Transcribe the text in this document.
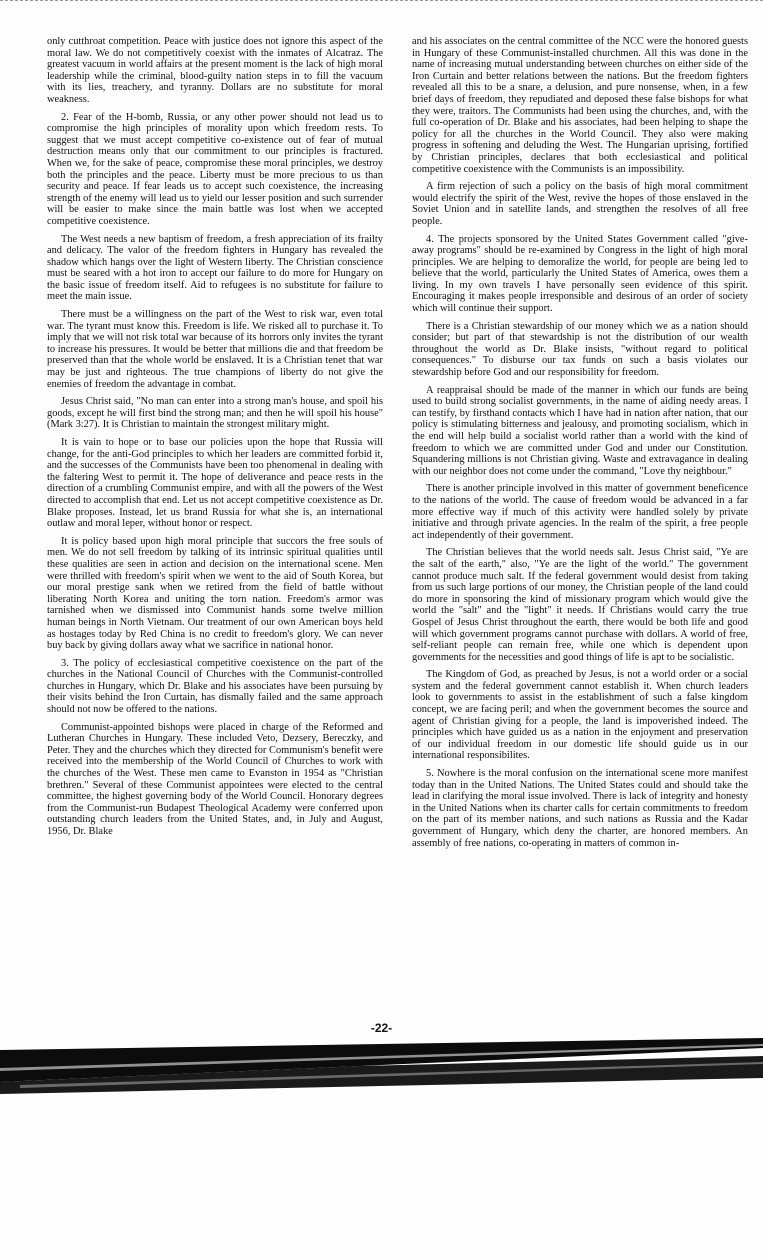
only cutthroat competition. Peace with justice does not ignore this aspect of the moral law. We do not competitively coexist with the inmates of Alcatraz. The greatest vacuum in world affairs at the present moment is the lack of high moral leadership while the criminal, blood-guilty nation steps in to fill the vacuum with its lies, treachery, and tyranny. Dollars are no substitute for moral weakness.

2. Fear of the H-bomb, Russia, or any other power should not lead us to compromise the high principles of morality upon which freedom rests. To suggest that we must accept competitive co-existence out of fear of mutual destruction means only that our commitment to our principles is fractured. When we, for the sake of peace, compromise these moral principles, we destroy both the principles and the peace. Liberty must be more precious to us than security and peace. If fear leads us to accept such coexistence, the increasing strength of the enemy will lead us to yield our lesser position and such surrender will be easier to make since the main battle was lost when we accepted competitive coexistence.

The West needs a new baptism of freedom, a fresh appreciation of its frailty and delicacy. The valor of the freedom fighters in Hungary has revealed the shadow which hangs over the light of Western liberty. The Christian conscience must be seared with a hot iron to accept our failure to do more for Hungary on the basic issue of freedom itself. Aid to refugees is no substitute for failure to meet the main issue.

There must be a willingness on the part of the West to risk war, even total war. The tyrant must know this. Freedom is life. We risked all to purchase it. To imply that we will not risk total war because of its horrors only invites the tyrant to increase his pressures. It would be better that millions die and that freedom be preserved than that the whole world be enslaved. It is a Christian tenet that war may be just and righteous. The true champions of liberty do not give the enemies of freedom the advantage in combat.

Jesus Christ said, "No man can enter into a strong man's house, and spoil his goods, except he will first bind the strong man; and then he will spoil his house" (Mark 3:27). It is Christian to maintain the strongest military might.

It is vain to hope or to base our policies upon the hope that Russia will change, for the anti-God principles to which her leaders are committed forbid it, and the successes of the Communists have been too phenomenal in dealing with the faltering West to permit it. The hope of deliverance and peace rests in the direction of a crumbling Communist empire, and with all the powers of the West directed to accomplish that end. Let us not accept competitive coexistence as Dr. Blake proposes. Instead, let us brand Russia for what she is, an international outlaw and moral leper, without honor or respect.

It is policy based upon high moral principle that succors the free souls of men. We do not sell freedom by talking of its intrinsic spiritual qualities until these qualities are seen in action and decision on the international scene. Men were thrilled with freedom's spirit when we went to the aid of South Korea, but our moral prestige sank when we retired from the field of battle without liberating North Korea and uniting the torn nation. Freedom's armor was tarnished when we dismissed into Communist hands some twelve million human beings in North Vietnam. Our treatment of our own American boys held as hostages today by Red China is no credit to freedom's glory. We can never buy back by giving dollars away what we sacrifice in national honor.

3. The policy of ecclesiastical competitive coexistence on the part of the churches in the National Council of Churches with the Communist-controlled churches in Hungary, which Dr. Blake and his associates have been pursuing by their visits behind the Iron Curtain, has dismally failed and the same approach should not now be offered to the nations.

Communist-appointed bishops were placed in charge of the Reformed and Lutheran Churches in Hungary. These included Veto, Dezsery, Bereczky, and Peter. They and the churches which they directed for Communism's benefit were received into the membership of the World Council of Churches to work with the churches of the West. These men came to Evanston in 1954 as "Christian brethren." Several of these Communist appointees were elected to the central committee, the highest governing body of the World Council. Honorary degrees from the Communist-run Budapest Theological Academy were conferred upon outstanding church leaders from the United States, and, in July and August, 1956, Dr. Blake

and his associates on the central committee of the NCC were the honored guests in Hungary of these Communist-installed churchmen. All this was done in the name of increasing mutual understanding between churches on either side of the Iron Curtain and better relations between the nations. But the freedom fighters revealed all this to be a snare, a delusion, and pure nonsense, when, in a few brief days of freedom, they repudiated and deposed these false bishops for what they were, traitors. The Communists had been using the churches, and, with the full co-operation of Dr. Blake and his associates, had been helping to shape the policy for all the churches in the World Council. They also were making progress in softening and deluding the West. The Hungarian uprising, fortified by Christian principles, declares that both ecclesiastical and political competitive coexistence with the Communists is an impossibility.

A firm rejection of such a policy on the basis of high moral commitment would electrify the spirit of the West, revive the hopes of those enslaved in the Soviet Union and in satellite lands, and strengthen the resolves of all free people.

4. The projects sponsored by the United States Government called "give-away programs" should be re-examined by Congress in the light of high moral principles. We are helping to demoralize the world, for people are being led to believe that the world, particularly the United States of America, owes them a living. In my own travels I have personally seen evidence of this spirit. Encouraging it makes people irresponsible and desirous of an order of society which will continue their support.

There is a Christian stewardship of our money which we as a nation should consider; but part of that stewardship is not the distribution of our wealth throughout the world as Dr. Blake insists, "without regard to political consequences." To disburse our tax funds on such a basis violates our stewardship before God and our responsibility for freedom.

A reappraisal should be made of the manner in which our funds are being used to build strong socialist governments, in the name of aiding needy areas. I can testify, by firsthand contacts which I have had in nation after nation, that our policy is stimulating bitterness and jealousy, and promoting socialism, which in the end will help build a socialist world rather than a world with the kind of freedom to which we are committed under God and under our Constitution. Squandering millions is not Christian giving. Waste and extravagance in dealing with our neighbor does not come under the command, "Love thy neighbour."

There is another principle involved in this matter of government beneficence to the nations of the world. The cause of freedom would be advanced in a far more effective way if much of this activity were handled solely by private initiative and through private agencies. In the realm of the spirit, a free people act independently of their government.

The Christian believes that the world needs salt. Jesus Christ said, "Ye are the salt of the earth," also, "Ye are the light of the world." The government cannot produce much salt. If the federal government would desist from taking from us such large portions of our money, the Christian people of the land could do more in sponsoring the kind of missionary program which would give the world the "salt" and the "light" it needs. If Christians would carry the true Gospel of Jesus Christ throughout the earth, there would be both life and good will which government programs cannot purchase with dollars. A world of free, self-reliant people can remain free, while one which is dependent upon governments for the necessities and good things of life is apt to be socialistic.

The Kingdom of God, as preached by Jesus, is not a world order or a social system and the federal government cannot establish it. When church leaders look to governments to assist in the establishment of such a false kingdom concept, we are facing peril; and when the government becomes the source and agent of Christian giving for a people, the land is impoverished indeed. The principles which have guided us as a nation in the enjoyment and preservation of our individual freedom in our domestic life should guide us in our international responsibilites.

5. Nowhere is the moral confusion on the international scene more manifest today than in the United Nations. The United States could and should take the lead in clarifying the moral issue involved. There is lack of integrity and honesty in the United Nations when its charter calls for certain commitments to freedom on the part of its member nations, and such nations as Russia and the Kadar government of Hungary, which deny the charter, are honored members. An assembly of free nations, co-operating in matters of common in-

-22-
